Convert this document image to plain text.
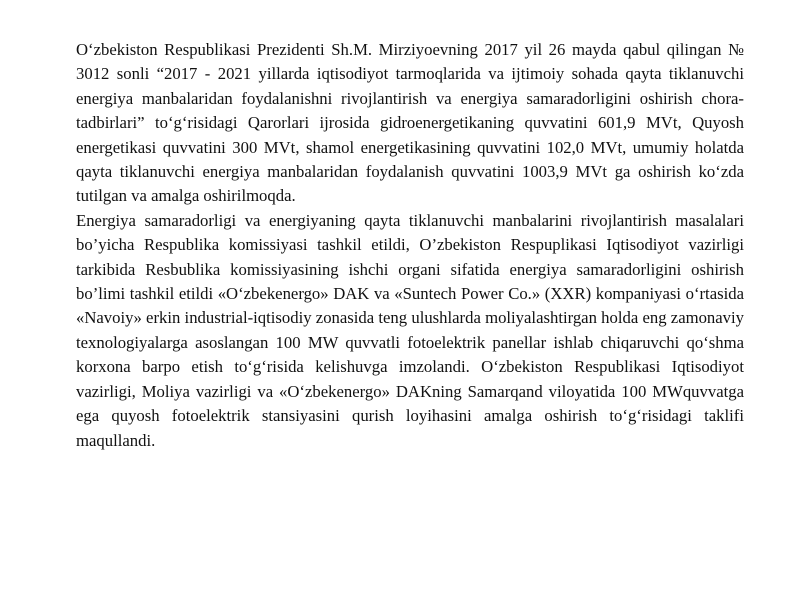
O‘zbekiston Respublikasi Prezidenti Sh.M. Mirziyoevning 2017 yil 26 mayda qabul qilingan № 3012 sonli “2017 - 2021 yillarda iqtisodiyot tarmoqlarida va ijtimoiy sohada qayta tiklanuvchi energiya manbalaridan foydalanishni rivojlantirish va energiya samaradorligini oshirish chora-tadbirlari” to‘g‘risidagi Qarorlari ijrosida gidroenergetikaning quvvatini 601,9 MVt, Quyosh energetikasi quvvatini 300 MVt, shamol energetikasining quvvatini 102,0 MVt, umumiy holatda qayta tiklanuvchi energiya manbalaridan foydalanish quvvatini 1003,9 MVt ga oshirish ko‘zda tutilgan va amalga oshirilmoqda.

Energiya samaradorligi va energiyaning qayta tiklanuvchi manbalarini rivojlantirish masalalari bo’yicha Respublika komissiyasi tashkil etildi, O’zbekiston Respuplikasi Iqtisodiyot vazirligi tarkibida Resbublika komissiyasining ishchi organi sifatida energiya samaradorligini oshirish bo’limi tashkil etildi «O‘zbekenergo» DAK va «Suntech Power Co.» (XXR) kompaniyasi o‘rtasida «Navoiy» erkin industrial-iqtisodiy zonasida teng ulushlarda moliyalashtirgan holda eng zamonaviy texnologiyalarga asoslangan 100 MW quvvatli fotoelektrik panellar ishlab chiqaruvchi qo‘shma korxona barpo etish to‘g‘risida kelishuvga imzolandi. O‘zbekiston Respublikasi Iqtisodiyot vazirligi, Moliya vazirligi va «O‘zbekenergo» DAKning Samarqand viloyatida 100 MWquvvatga ega quyosh fotoelektrik stansiyasini qurish loyihasini amalga oshirish to‘g‘risidagi taklifi maqullandi.
